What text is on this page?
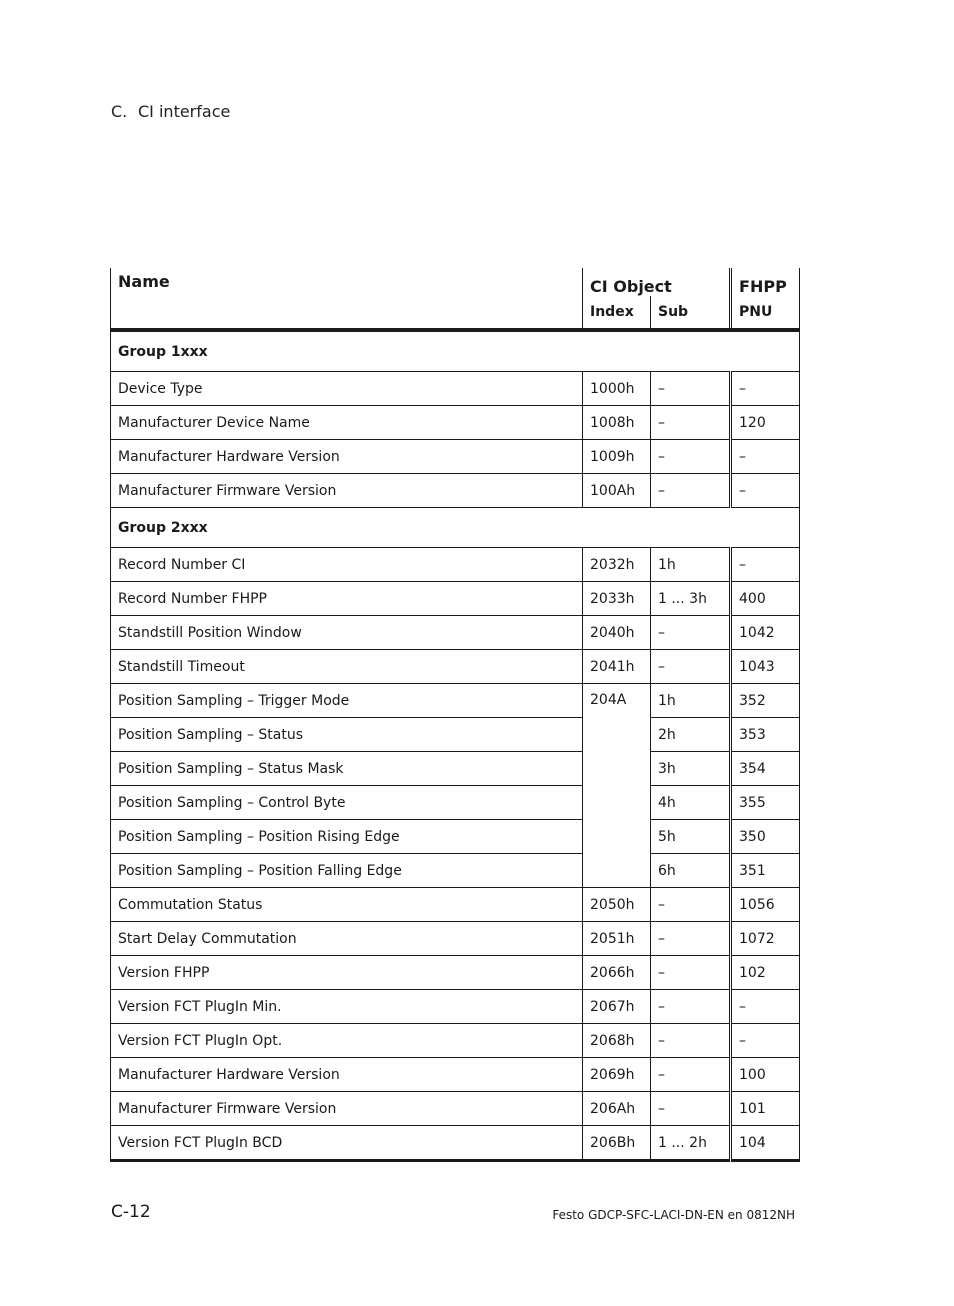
C. CI interface
Name	CI Object		FHPP
	Index	Sub	PNU
Group 1xxx			
Device Type	1000h	–	–
Manufacturer Device Name	1008h	–	120
Manufacturer Hardware Version	1009h	–	–
Manufacturer Firmware Version	100Ah	–	–
Group 2xxx			
Record Number CI	2032h	1h	–
Record Number FHPP	2033h	1 ... 3h	400
Standstill Position Window	2040h	–	1042
Standstill Timeout	2041h	–	1043
Position Sampling – Trigger Mode	204A	1h	352
Position Sampling – Status		2h	353
Position Sampling – Status Mask		3h	354
Position Sampling – Control Byte		4h	355
Position Sampling – Position Rising Edge		5h	350
Position Sampling – Position Falling Edge		6h	351
Commutation Status	2050h	–	1056
Start Delay Commutation	2051h	–	1072
Version FHPP	2066h	–	102
Version FCT PlugIn Min.	2067h	–	–
Version FCT PlugIn Opt.	2068h	–	–
Manufacturer Hardware Version	2069h	–	100
Manufacturer Firmware Version	206Ah	–	101
Version FCT PlugIn BCD	206Bh	1 ... 2h	104
C-12	Festo GDCP-SFC-LACI-DN-EN en 0812NH
